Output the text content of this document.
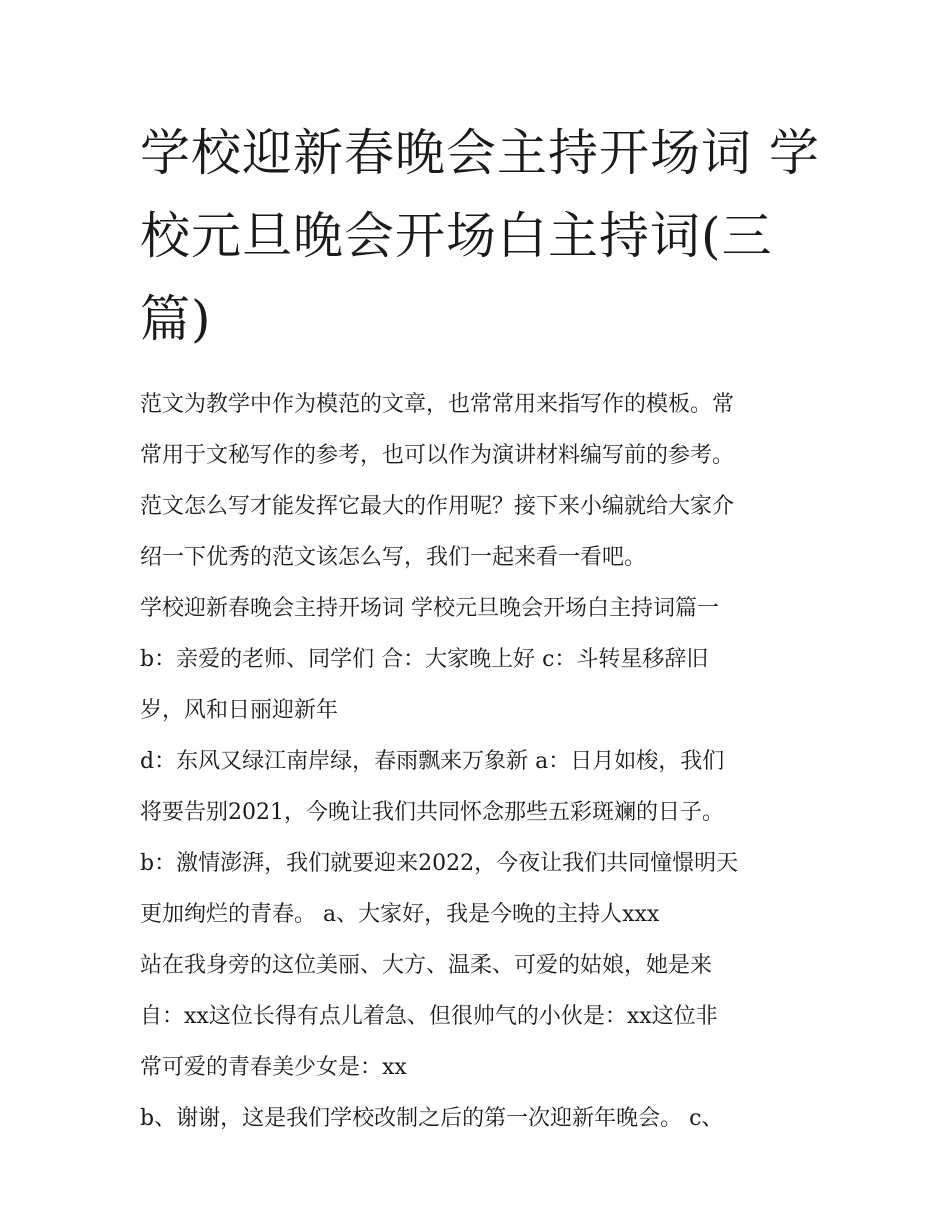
学校迎新春晚会主持开场词 学
校元旦晚会开场白主持词(三
篇)

范文为教学中作为模范的文章，也常常用来指写作的模板。常

常用于文秘写作的参考，也可以作为演讲材料编写前的参考。

范文怎么写才能发挥它最大的作用呢？接下来小编就给大家介

绍一下优秀的范文该怎么写，我们一起来看一看吧。

学校迎新春晚会主持开场词 学校元旦晚会开场白主持词篇一

b：亲爱的老师、同学们 合：大家晚上好 c：斗转星移辞旧

岁，风和日丽迎新年

d：东风又绿江南岸绿，春雨飘来万象新 a：日月如梭，我们

将要告别2021，今晚让我们共同怀念那些五彩斑斓的日子。

b：激情澎湃，我们就要迎来2022，今夜让我们共同憧憬明天

更加绚烂的青春。 a、大家好，我是今晚的主持人xxx

站在我身旁的这位美丽、大方、温柔、可爱的姑娘，她是来

自：xx这位长得有点儿着急、但很帅气的小伙是：xx这位非

常可爱的青春美少女是：xx

b、谢谢，这是我们学校改制之后的第一次迎新年晚会。 c、
